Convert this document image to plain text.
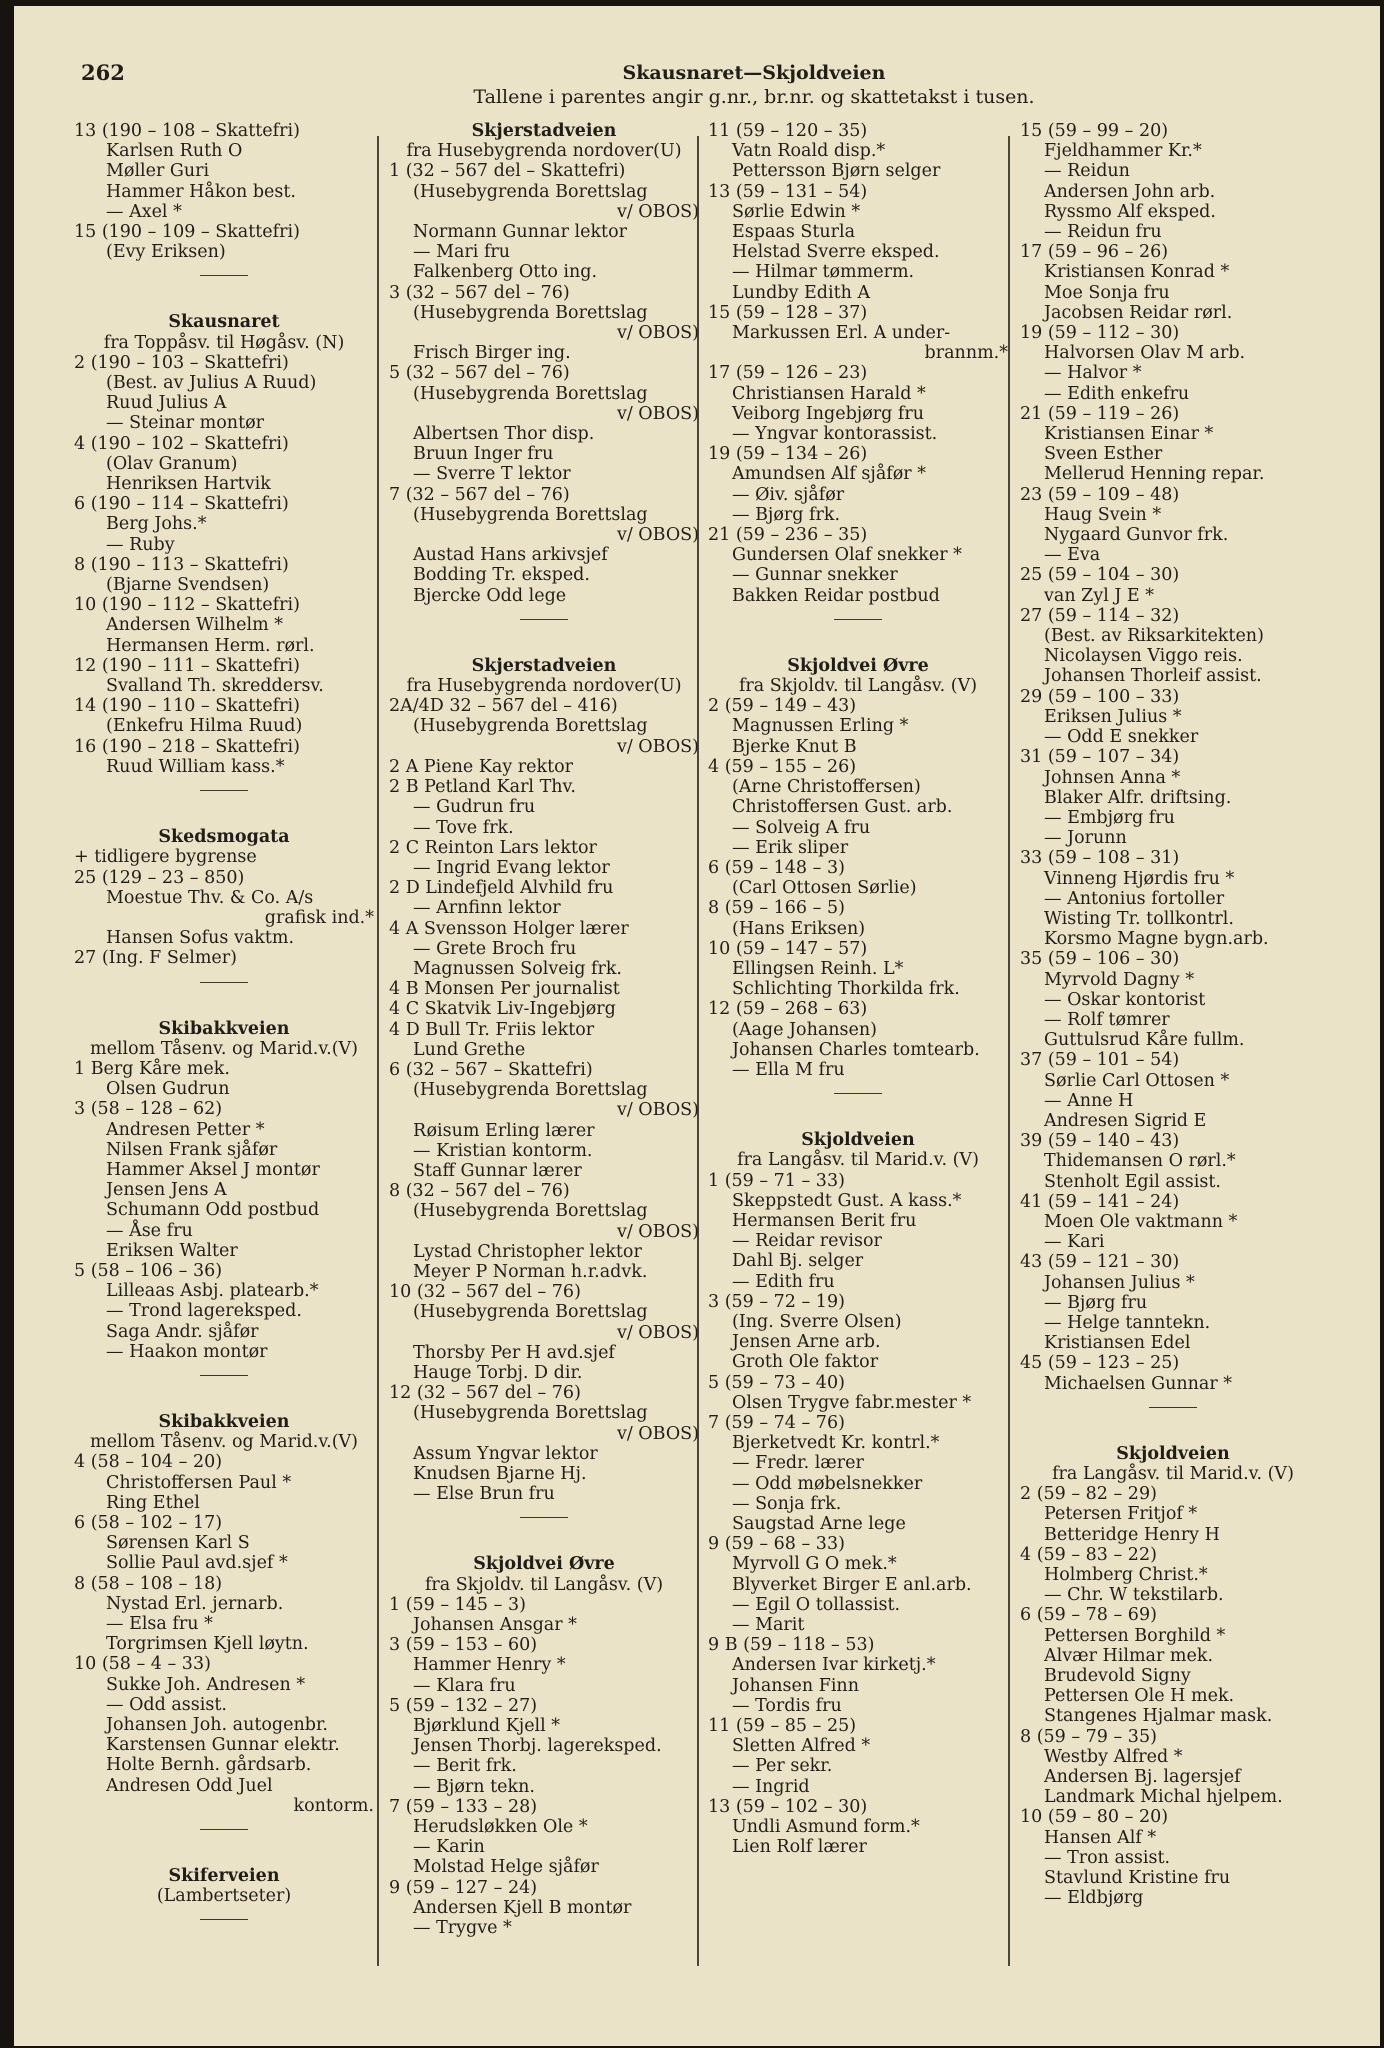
262	Skausnaret—Skjoldveien
Tallene i parentes angir g.nr., br.nr. og skattetakst i tusen.
13 (190 – 108 – Skattefri)
Karlsen Ruth O
Møller Guri
Hammer Håkon best.
— Axel *
15 (190 – 109 – Skattefri)
(Evy Eriksen)
Skausnaret
fra Toppåsv. til Høgåsv. (N)
2 (190 – 103 – Skattefri)
(Best. av Julius A Ruud)
Ruud Julius A
— Steinar montør
4 (190 – 102 – Skattefri)
(Olav Granum)
Henriksen Hartvik
6 (190 – 114 – Skattefri)
Berg Johs.*
— Ruby
8 (190 – 113 – Skattefri)
(Bjarne Svendsen)
10 (190 – 112 – Skattefri)
Andersen Wilhelm *
Hermansen Herm. rørl.
12 (190 – 111 – Skattefri)
Svalland Th. skreddersv.
14 (190 – 110 – Skattefri)
(Enkefru Hilma Ruud)
16 (190 – 218 – Skattefri)
Ruud William kass.*
Skedsmogata
+ tidligere bygrense
25 (129 – 23 – 850)
Moestue Thv. & Co. A/s
grafisk ind.*
Hansen Sofus vaktm.
27 (Ing. F Selmer)
Skibakkveien
mellom Tåsenv. og Marid.v.(V)
1 Berg Kåre mek.
Olsen Gudrun
3 (58 – 128 – 62)
Andresen Petter *
Nilsen Frank sjåfør
Hammer Aksel J montør
Jensen Jens A
Schumann Odd postbud
— Åse fru
Eriksen Walter
5 (58 – 106 – 36)
Lilleaas Asbj. platearb.*
— Trond lagereksped.
Saga Andr. sjåfør
— Haakon montør
Skibakkveien
mellom Tåsenv. og Marid.v.(V)
4 (58 – 104 – 20)
Christoffersen Paul *
Ring Ethel
6 (58 – 102 – 17)
Sørensen Karl S
Sollie Paul avd.sjef *
8 (58 – 108 – 18)
Nystad Erl. jernarb.
— Elsa fru *
Torgrimsen Kjell løytn.
10 (58 – 4 – 33)
Sukke Joh. Andresen *
— Odd assist.
Johansen Joh. autogenbr.
Karstensen Gunnar elektr.
Holte Bernh. gårdsarb.
Andresen Odd Juel
kontorm.
Skiferveien
(Lambertseter)
Skjerstadveien
fra Husebygrenda nordover(U)
1 (32 – 567 del – Skattefri)
(Husebygrenda Borettslag
v/ OBOS)
Normann Gunnar lektor
— Mari fru
Falkenberg Otto ing.
3 (32 – 567 del – 76)
(Husebygrenda Borettslag
v/ OBOS)
Frisch Birger ing.
5 (32 – 567 del – 76)
(Husebygrenda Borettslag
v/ OBOS)
Albertsen Thor disp.
Bruun Inger fru
— Sverre T lektor
7 (32 – 567 del – 76)
(Husebygrenda Borettslag
v/ OBOS)
Austad Hans arkivsjef
Bodding Tr. eksped.
Bjercke Odd lege
Skjerstadveien
fra Husebygrenda nordover(U)
2A/4D 32 – 567 del – 416)
(Husebygrenda Borettslag
v/ OBOS)
2 A Piene Kay rektor
2 B Petland Karl Thv.
— Gudrun fru
— Tove frk.
2 C Reinton Lars lektor
— Ingrid Evang lektor
2 D Lindefjeld Alvhild fru
— Arnfinn lektor
4 A Svensson Holger lærer
— Grete Broch fru
Magnussen Solveig frk.
4 B Monsen Per journalist
4 C Skatvik Liv-Ingebjørg
4 D Bull Tr. Friis lektor
Lund Grethe
6 (32 – 567 – Skattefri)
(Husebygrenda Borettslag
v/ OBOS)
Røisum Erling lærer
— Kristian kontorm.
Staff Gunnar lærer
8 (32 – 567 del – 76)
(Husebygrenda Borettslag
v/ OBOS)
Lystad Christopher lektor
Meyer P Norman h.r.advk.
10 (32 – 567 del – 76)
(Husebygrenda Borettslag
v/ OBOS)
Thorsby Per H avd.sjef
Hauge Torbj. D dir.
12 (32 – 567 del – 76)
(Husebygrenda Borettslag
v/ OBOS)
Assum Yngvar lektor
Knudsen Bjarne Hj.
— Else Brun fru
Skjoldvei Øvre
fra Skjoldv. til Langåsv. (V)
1 (59 – 145 – 3)
Johansen Ansgar *
3 (59 – 153 – 60)
Hammer Henry *
— Klara fru
5 (59 – 132 – 27)
Bjørklund Kjell *
Jensen Thorbj. lagereksped.
— Berit frk.
— Bjørn tekn.
7 (59 – 133 – 28)
Herudsløkken Ole *
— Karin
Molstad Helge sjåfør
9 (59 – 127 – 24)
Andersen Kjell B montør
— Trygve *
11 (59 – 120 – 35)
Vatn Roald disp.*
Pettersson Bjørn selger
13 (59 – 131 – 54)
Sørlie Edwin *
Espaas Sturla
Helstad Sverre eksped.
— Hilmar tømmerm.
Lundby Edith A
15 (59 – 128 – 37)
Markussen Erl. A under-
brannm.*
17 (59 – 126 – 23)
Christiansen Harald *
Veiborg Ingebjørg fru
— Yngvar kontorassist.
19 (59 – 134 – 26)
Amundsen Alf sjåfør *
— Øiv. sjåfør
— Bjørg frk.
21 (59 – 236 – 35)
Gundersen Olaf snekker *
— Gunnar snekker
Bakken Reidar postbud
Skjoldvei Øvre
fra Skjoldv. til Langåsv. (V)
2 (59 – 149 – 43)
Magnussen Erling *
Bjerke Knut B
4 (59 – 155 – 26)
(Arne Christoffersen)
Christoffersen Gust. arb.
— Solveig A fru
— Erik sliper
6 (59 – 148 – 3)
(Carl Ottosen Sørlie)
8 (59 – 166 – 5)
(Hans Eriksen)
10 (59 – 147 – 57)
Ellingsen Reinh. L*
Schlichting Thorkilda frk.
12 (59 – 268 – 63)
(Aage Johansen)
Johansen Charles tomtearb.
— Ella M fru
Skjoldveien
fra Langåsv. til Marid.v. (V)
1 (59 – 71 – 33)
Skeppstedt Gust. A kass.*
Hermansen Berit fru
— Reidar revisor
Dahl Bj. selger
— Edith fru
3 (59 – 72 – 19)
(Ing. Sverre Olsen)
Jensen Arne arb.
Groth Ole faktor
5 (59 – 73 – 40)
Olsen Trygve fabr.mester *
7 (59 – 74 – 76)
Bjerketvedt Kr. kontrl.*
— Fredr. lærer
— Odd møbelsnekker
— Sonja frk.
Saugstad Arne lege
9 (59 – 68 – 33)
Myrvoll G O mek.*
Blyverket Birger E anl.arb.
— Egil O tollassist.
— Marit
9 B (59 – 118 – 53)
Andersen Ivar kirketj.*
Johansen Finn
— Tordis fru
11 (59 – 85 – 25)
Sletten Alfred *
— Per sekr.
— Ingrid
13 (59 – 102 – 30)
Undli Asmund form.*
Lien Rolf lærer
15 (59 – 99 – 20)
Fjeldhammer Kr.*
— Reidun
Andersen John arb.
Ryssmo Alf eksped.
— Reidun fru
17 (59 – 96 – 26)
Kristiansen Konrad *
Moe Sonja fru
Jacobsen Reidar rørl.
19 (59 – 112 – 30)
Halvorsen Olav M arb.
— Halvor *
— Edith enkefru
21 (59 – 119 – 26)
Kristiansen Einar *
Sveen Esther
Mellerud Henning repar.
23 (59 – 109 – 48)
Haug Svein *
Nygaard Gunvor frk.
— Eva
25 (59 – 104 – 30)
van Zyl J E *
27 (59 – 114 – 32)
(Best. av Riksarkitekten)
Nicolaysen Viggo reis.
Johansen Thorleif assist.
29 (59 – 100 – 33)
Eriksen Julius *
— Odd E snekker
31 (59 – 107 – 34)
Johnsen Anna *
Blaker Alfr. driftsing.
— Embjørg fru
— Jorunn
33 (59 – 108 – 31)
Vinneng Hjørdis fru *
— Antonius fortoller
Wisting Tr. tollkontrl.
Korsmo Magne bygn.arb.
35 (59 – 106 – 30)
Myrvold Dagny *
— Oskar kontorist
— Rolf tømrer
Guttulsrud Kåre fullm.
37 (59 – 101 – 54)
Sørlie Carl Ottosen *
— Anne H
Andresen Sigrid E
39 (59 – 140 – 43)
Thidemansen O rørl.*
Stenholt Egil assist.
41 (59 – 141 – 24)
Moen Ole vaktmann *
— Kari
43 (59 – 121 – 30)
Johansen Julius *
— Bjørg fru
— Helge tanntekn.
Kristiansen Edel
45 (59 – 123 – 25)
Michaelsen Gunnar *
Skjoldveien
fra Langåsv. til Marid.v. (V)
2 (59 – 82 – 29)
Petersen Fritjof *
Betteridge Henry H
4 (59 – 83 – 22)
Holmberg Christ.*
— Chr. W tekstilarb.
6 (59 – 78 – 69)
Pettersen Borghild *
Alvær Hilmar mek.
Brudevold Signy
Pettersen Ole H mek.
Stangenes Hjalmar mask.
8 (59 – 79 – 35)
Westby Alfred *
Andersen Bj. lagersjef
Landmark Michal hjelpem.
10 (59 – 80 – 20)
Hansen Alf *
— Tron assist.
Stavlund Kristine fru
— Eldbjørg
